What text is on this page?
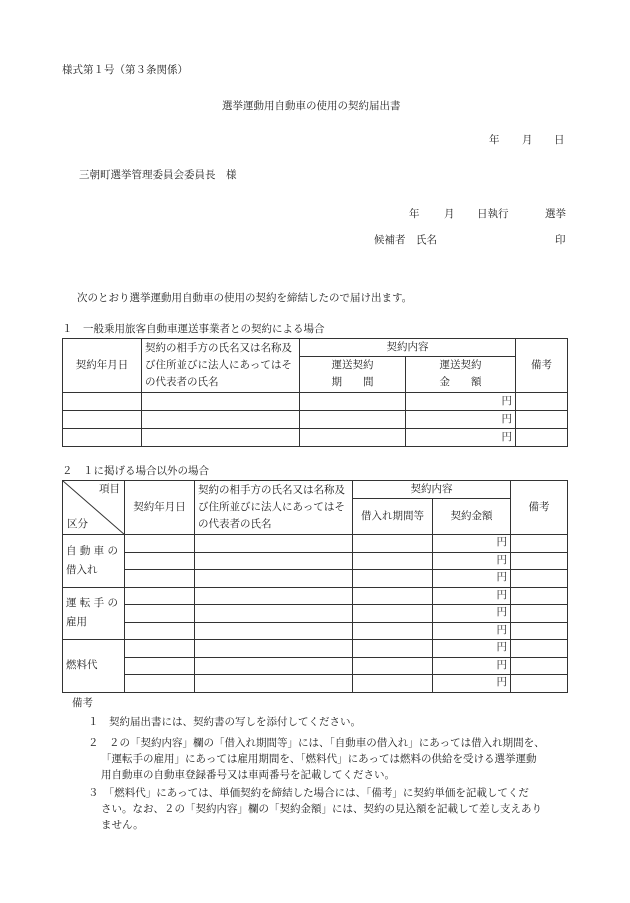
様式第１号（第３条関係）
選挙運動用自動車の使用の契約届出書
年 月 日
三朝町選挙管理委員会委員長　様
年 月 日執行	選挙
候補者　氏名	印
次のとおり選挙運動用自動車の使用の契約を締結したので届け出ます。
１　一般乗用旅客自動車運送事業者との契約による場合
契約年月日	契約の相手方の氏名又は名称及び住所並びに法人にあってはその代表者の氏名	契約内容		備考
		運送契約	運送契約	
		期　　間	金　　額	
			円	
			円	
			円	
２　１に掲げる場合以外の場合
項目
区分	契約年月日	契約の相手方の氏名又は名称及び住所並びに法人にあってはその代表者の氏名	契約内容		備考
			借入れ期間等	契約金額	

自 動 車 の 借入れ				円	
				円	
				円	
運 転 手 の 雇用				円	
				円	
				円	
燃料代				円	
				円	
				円	
備考
１　契約届出書には、契約書の写しを添付してください。
２　２の「契約内容」欄の「借入れ期間等」には、「自動車の借入れ」にあっては借入れ期間を、
「運転手の雇用」にあっては雇用期間を、「燃料代」にあっては燃料の供給を受ける選挙運動
用自動車の自動車登録番号又は車両番号を記載してください。
３　「燃料代」にあっては、単価契約を締結した場合には、「備考」に契約単価を記載してくだ
さい。なお、２の「契約内容」欄の「契約金額」には、契約の見込額を記載して差し支えあり
ません。
